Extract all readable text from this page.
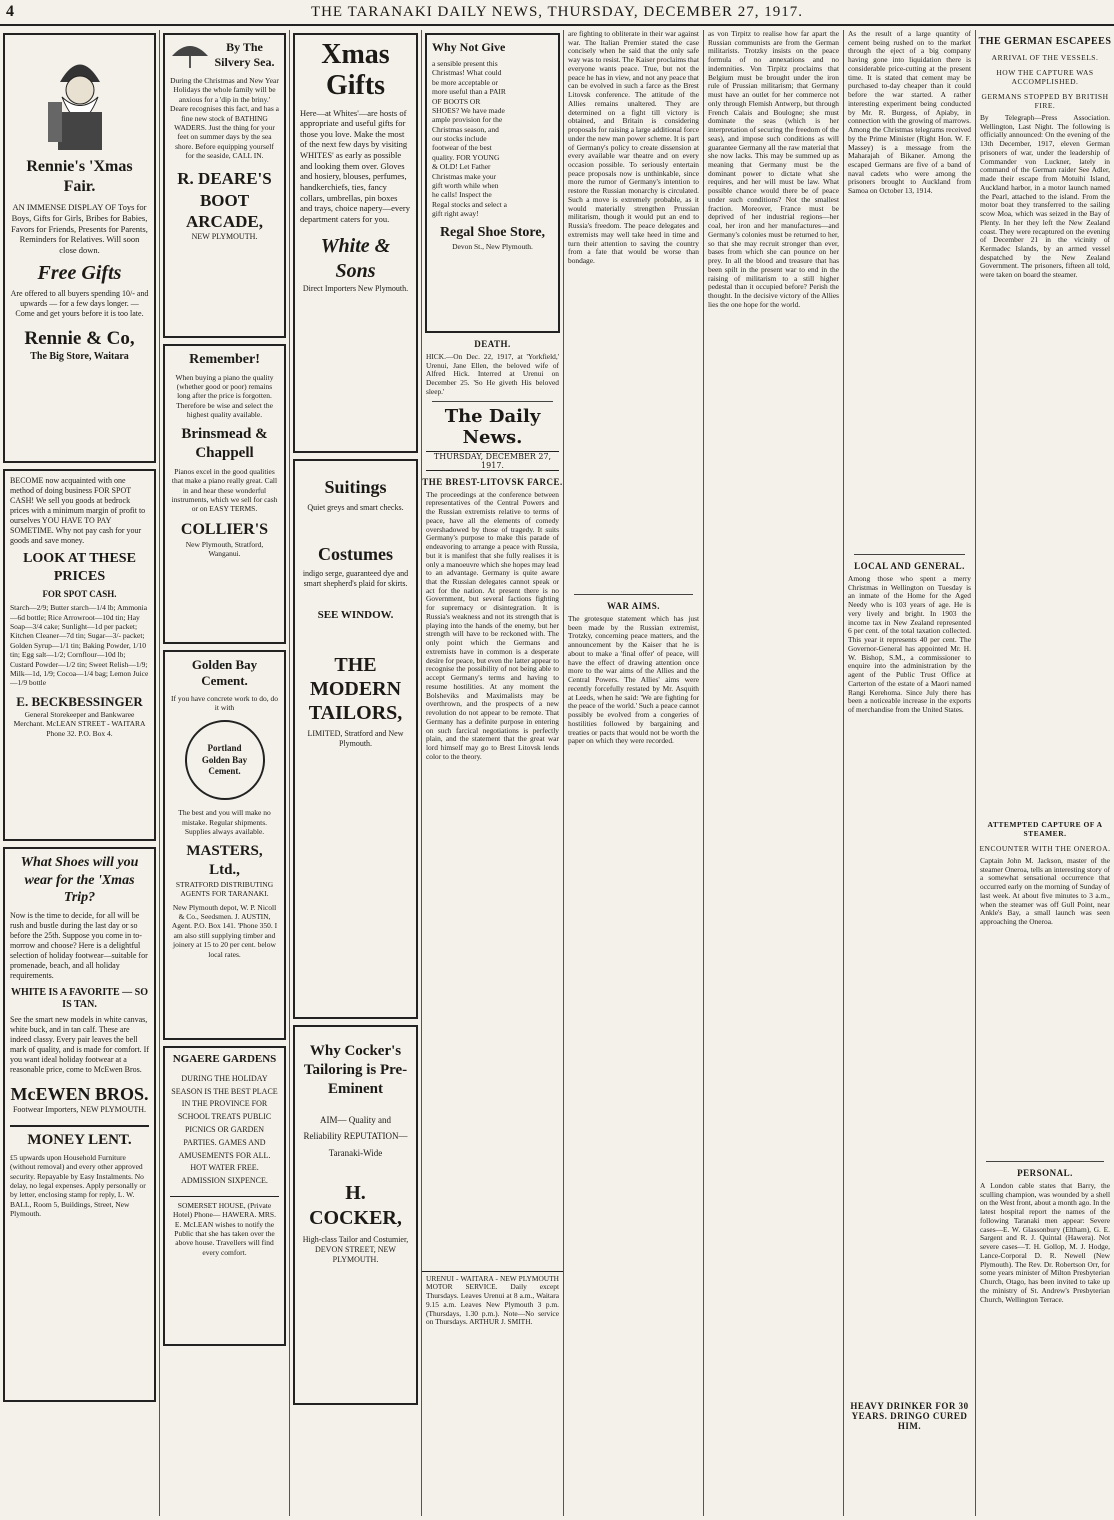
4	THE TARANAKI DAILY NEWS, THURSDAY, DECEMBER 27, 1917.
Rennie's 'Xmas Fair.
AN IMMENSE DISPLAY OF Toys for Boys, Gifts for Girls, Bribes for Babies, Favors for Friends, Presents for Parents, Reminders for Relatives. Will soon close down.
Free Gifts
Are offered to all buyers spending 10/- and upwards — for a few days longer. — Come and get yours before it is too late.
Rennie & Co,
The Big Store, Waitara
BECOME now acquainted with one method of doing business FOR SPOT CASH! We sell you goods at bedrock prices with a minimum margin of profit to ourselves YOU HAVE TO PAY SOMETIME. Why not pay cash for your goods and save money.
LOOK AT THESE PRICES
FOR SPOT CASH.
Starch—2/9; Butter starch—1/4 lb; Ammonia—6d bottle; Rice Arrowroot—10d tin; Hay Soap—3/4 cake; Sunlight—1d per packet; Kitchen Cleaner—7d tin; Sugar—3/- packet; Golden Syrup—1/1 tin; Baking Powder, 1/10 tin; Egg salt—1/2; Cornflour—10d lb; Custard Powder—1/2 tin; Sweet Relish—1/9; Milk—1d, 1/9; Cocoa—1/4 bag; Lemon Juice—1/9 bottle
E. BECKBESSINGER
General Storekeeper and Bankwaree Merchant. McLEAN STREET - WAITARA Phone 32. P.O. Box 4.
What Shoes will you wear for the 'Xmas Trip?
Now is the time to decide, for all will be rush and bustle during the last day or so before the 25th. Suppose you come in to-morrow and choose? Here is a delightful selection of holiday footwear—suitable for promenade, beach, and all holiday requirements.
WHITE IS A FAVORITE — SO IS TAN.
See the smart new models in white canvas, white buck, and in tan calf. These are indeed classy. Every pair leaves the bell mark of quality, and is made for comfort. If you want ideal holiday footwear at a reasonable price, come to McEwen Bros.
McEWEN BROS.
Footwear Importers, NEW PLYMOUTH.
MONEY LENT.
£5 upwards upon Household Furniture (without removal) and every other approved security. Repayable by Easy Instalments. No delay, no legal expenses. Apply personally or by letter, enclosing stamp for reply, L. W. BALL, Room 5, Buildings, Street, New Plymouth.
By The Silvery Sea.
During the Christmas and New Year Holidays the whole family will be anxious for a 'dip in the briny.' Deare recognises this fact, and has a fine new stock of BATHING WADERS. Just the thing for your feet on summer days by the sea shore. Before equipping yourself for the seaside, CALL IN.
R. DEARE'S BOOT ARCADE,
NEW PLYMOUTH.
Remember!
When buying a piano the quality (whether good or poor) remains long after the price is forgotten. Therefore be wise and select the highest quality available.
Brinsmead & Chappell
Pianos excel in the good qualities that make a piano really great. Call in and hear these wonderful instruments, which we sell for cash or on EASY TERMS.
COLLIER'S
New Plymouth, Stratford, Wanganui.
Golden Bay Cement.
If you have concrete work to do, do it with
Portland Golden Bay Cement.
The best and you will make no mistake. Regular shipments. Supplies always available.
MASTERS, Ltd.,
STRATFORD DISTRIBUTING AGENTS FOR TARANAKI.
New Plymouth depot, W. P. Nicoll & Co., Seedsmen. J. AUSTIN, Agent. P.O. Box 141. 'Phone 350. I am also still supplying timber and joinery at 15 to 20 per cent. below local rates.
NGAERE GARDENS
DURING THE HOLIDAY SEASON IS THE BEST PLACE IN THE PROVINCE FOR SCHOOL TREATS PUBLIC PICNICS OR GARDEN PARTIES. GAMES AND AMUSEMENTS FOR ALL. HOT WATER FREE. ADMISSION SIXPENCE.
SOMERSET HOUSE, (Private Hotel) Phone— HAWERA. MRS. E. McLEAN wishes to notify the Public that she has taken over the above house. Travellers will find every comfort.
Xmas Gifts
Here—at Whites'—are hosts of appropriate and useful gifts for those you love. Make the most of the next few days by visiting WHITES' as early as possible and looking them over. Gloves and hosiery, blouses, perfumes, handkerchiefs, ties, fancy collars, umbrellas, pin boxes and trays, choice napery—every department caters for you.
White & Sons
Direct Importers New Plymouth.
Suitings
Quiet greys and smart checks.
Costumes
indigo serge, guaranteed dye and smart shepherd's plaid for skirts.
SEE WINDOW.
THE MODERN TAILORS,
LIMITED, Stratford and New Plymouth.
Why Cocker's Tailoring is Pre-Eminent
AIM— Quality and Reliability REPUTATION— Taranaki-Wide
H. COCKER,
High-class Tailor and Costumier, DEVON STREET, NEW PLYMOUTH.
Why Not Give
a sensible present this Christmas! What could be more acceptable or more useful than a PAIR OF BOOTS OR SHOES? We have made ample provision for the Christmas season, and our stocks include footwear of the best quality. FOR YOUNG & OLD! Let Father Christmas make your gift worth while when he calls! Inspect the Regal stocks and select a gift right away!
Regal Shoe Store,
Devon St., New Plymouth.
DEATH.
HICK.—On Dec. 22, 1917, at 'Yorkfield,' Urenui, Jane Ellen, the beloved wife of Alfred Hick. Interred at Urenui on December 25. 'So He giveth His beloved sleep.'
The Daily News.
THURSDAY, DECEMBER 27, 1917.
THE BREST-LITOVSK FARCE.
The proceedings at the conference between representatives of the Central Powers and the Russian extremists relative to terms of peace, have all the elements of comedy overshadowed by those of tragedy. It suits Germany's purpose to make this parade of endeavoring to arrange a peace with Russia, but it is manifest that she fully realises it is only a manoeuvre which she hopes may lead to an advantage. Germany is quite aware that the Russian delegates cannot speak or act for the nation. At present there is no Government, but several factions fighting for supremacy or disintegration. It is Russia's weakness and not its strength that is playing into the hands of the enemy, but her strength will have to be reckoned with. The only point which the Germans and extremists have in common is a desperate desire for peace, but even the latter appear to recognise the possibility of not being able to accept Germany's terms and having to resume hostilities. At any moment the Bolsheviks and Maximalists may be overthrown, and the prospects of a new revolution do not appear to be remote. That Germany has a definite purpose in entering on such farcical negotiations is perfectly plain, and the statement that the great war lord himself may go to Brest Litovsk lends color to the theory.
URENUI - WAITARA - NEW PLYMOUTH MOTOR SERVICE. Daily except Thursdays. Leaves Urenui at 8 a.m., Waitara 9.15 a.m. Leaves New Plymouth 3 p.m. (Thursdays, 1.30 p.m.). Note—No service on Thursdays. ARTHUR J. SMITH.
are fighting to obliterate in their war against war. The Italian Premier stated the case concisely when he said that the only safe way was to resist. The Kaiser proclaims that everyone wants peace. True, but not the peace he has in view, and not any peace that can be evolved in such a farce as the Brest Litovsk conference. The attitude of the Allies remains unaltered. They are determined on a fight till victory is obtained, and Britain is considering proposals for raising a large additional force under the new man power scheme. It is part of Germany's policy to create dissension at every available war theatre and on every occasion possible. To seriously entertain peace proposals now is unthinkable, since more the rumor of Germany's intention to restore the Russian monarchy is circulated. Such a move is extremely probable, as it would materially strengthen Prussian militarism, though it would put an end to Russia's freedom. The peace delegates and extremists may well take heed in time and turn their attention to saving the country from a fate that would be worse than bondage.
WAR AIMS.
The grotesque statement which has just been made by the Russian extremist, Trotzky, concerning peace matters, and the announcement by the Kaiser that he is about to make a 'final offer' of peace, will have the effect of drawing attention once more to the war aims of the Allies and the Central Powers. The Allies' aims were recently forcefully restated by Mr. Asquith at Leeds, when he said: 'We are fighting for the peace of the world.' Such a peace cannot possibly be evolved from a congeries of hostilities followed by bargaining and treaties or pacts that would not be worth the paper on which they were recorded.
as von Tirpitz to realise how far apart the Russian communists are from the German militarists. Trotzky insists on the peace formula of no annexations and no indemnities. Von Tirpitz proclaims that Belgium must be brought under the iron rule of Prussian militarism; that Germany must have an outlet for her commerce not only through Flemish Antwerp, but through French Calais and Boulogne; she must dominate the seas (which is her interpretation of securing the freedom of the seas), and impose such conditions as will guarantee Germany all the raw material that she now lacks. This may be summed up as meaning that Germany must be the dominant power to dictate what she requires, and her will must be law. What possible chance would there be of peace under such conditions? Not the smallest fraction. Moreover, France must be deprived of her industrial regions—her coal, her iron and her manufactures—and Germany's colonies must be returned to her, so that she may recruit stronger than ever, bases from which she can pounce on her prey. In all the blood and treasure that has been spilt in the present war to end in the raising of militarism to a still higher pedestal than it occupied before? Perish the thought. In the decisive victory of the Allies lies the one hope for the world.
As the result of a large quantity of cement being rushed on to the market through the eject of a big company having gone into liquidation there is considerable price-cutting at the present time. It is stated that cement may be purchased to-day cheaper than it could before the war started. A rather interesting experiment being conducted by Mr. R. Burgess, of Apiaby, in connection with the growing of marrows. Among the Christmas telegrams received by the Prime Minister (Right Hon. W. F. Massey) is a message from the Maharajah of Bikaner. Among the escaped Germans are five of a band of naval cadets who were among the prisoners brought to Auckland from Samoa on October 13, 1914.
LOCAL AND GENERAL.
Among those who spent a merry Christmas in Wellington on Tuesday is an inmate of the Home for the Aged Needy who is 103 years of age. He is very lively and bright. In 1903 the income tax in New Zealand represented 6 per cent. of the total taxation collected. This year it represents 40 per cent. The Governor-General has appointed Mr. H. W. Bishop, S.M., a commissioner to enquire into the administration by the agent of the Public Trust Office at Carterton of the estate of a Maori named Rangi Kerehoma. Since July there has been a noticeable increase in the exports of merchandise from the United States.
HEAVY DRINKER FOR 30 YEARS. DRINGO CURED HIM.
THE GERMAN ESCAPEES
ARRIVAL OF THE VESSELS.
HOW THE CAPTURE WAS ACCOMPLISHED.
GERMANS STOPPED BY BRITISH FIRE.
By Telegraph—Press Association. Wellington, Last Night. The following is officially announced: On the evening of the 13th December, 1917, eleven German prisoners of war, under the leadership of Commander von Luckner, lately in command of the German raider See Adler, made their escape from Motuihi Island, Auckland harbor, in a motor launch named the Pearl, attached to the island. From the motor boat they transferred to the sailing scow Moa, which was seized in the Bay of Plenty. In her they left the New Zealand coast. They were recaptured on the evening of December 21 in the vicinity of Kermadec Islands, by an armed vessel despatched by the New Zealand Government. The prisoners, fifteen all told, were taken on board the steamer.
ATTEMPTED CAPTURE OF A STEAMER.
ENCOUNTER WITH THE ONEROA.
Captain John M. Jackson, master of the steamer Oneroa, tells an interesting story of a somewhat sensational occurrence that occurred early on the morning of Sunday of last week. At about five minutes to 3 a.m., when the steamer was off Gull Point, near Ankle's Bay, a small launch was seen approaching the Oneroa.
PERSONAL.
A London cable states that Barry, the sculling champion, was wounded by a shell on the West front, about a month ago. In the latest hospital report the names of the following Taranaki men appear: Severe cases—E. W. Glassonbury (Eltham), G. E. Sargent and R. J. Quintal (Hawera). Not severe cases—T. H. Gollop, M. J. Hodge, Lance-Corporal D. R. Newell (New Plymouth). The Rev. Dr. Robertson Orr, for some years minister of Milton Presbyterian Church, Otago, has been invited to take up the ministry of St. Andrew's Presbyterian Church, Wellington Terrace.
